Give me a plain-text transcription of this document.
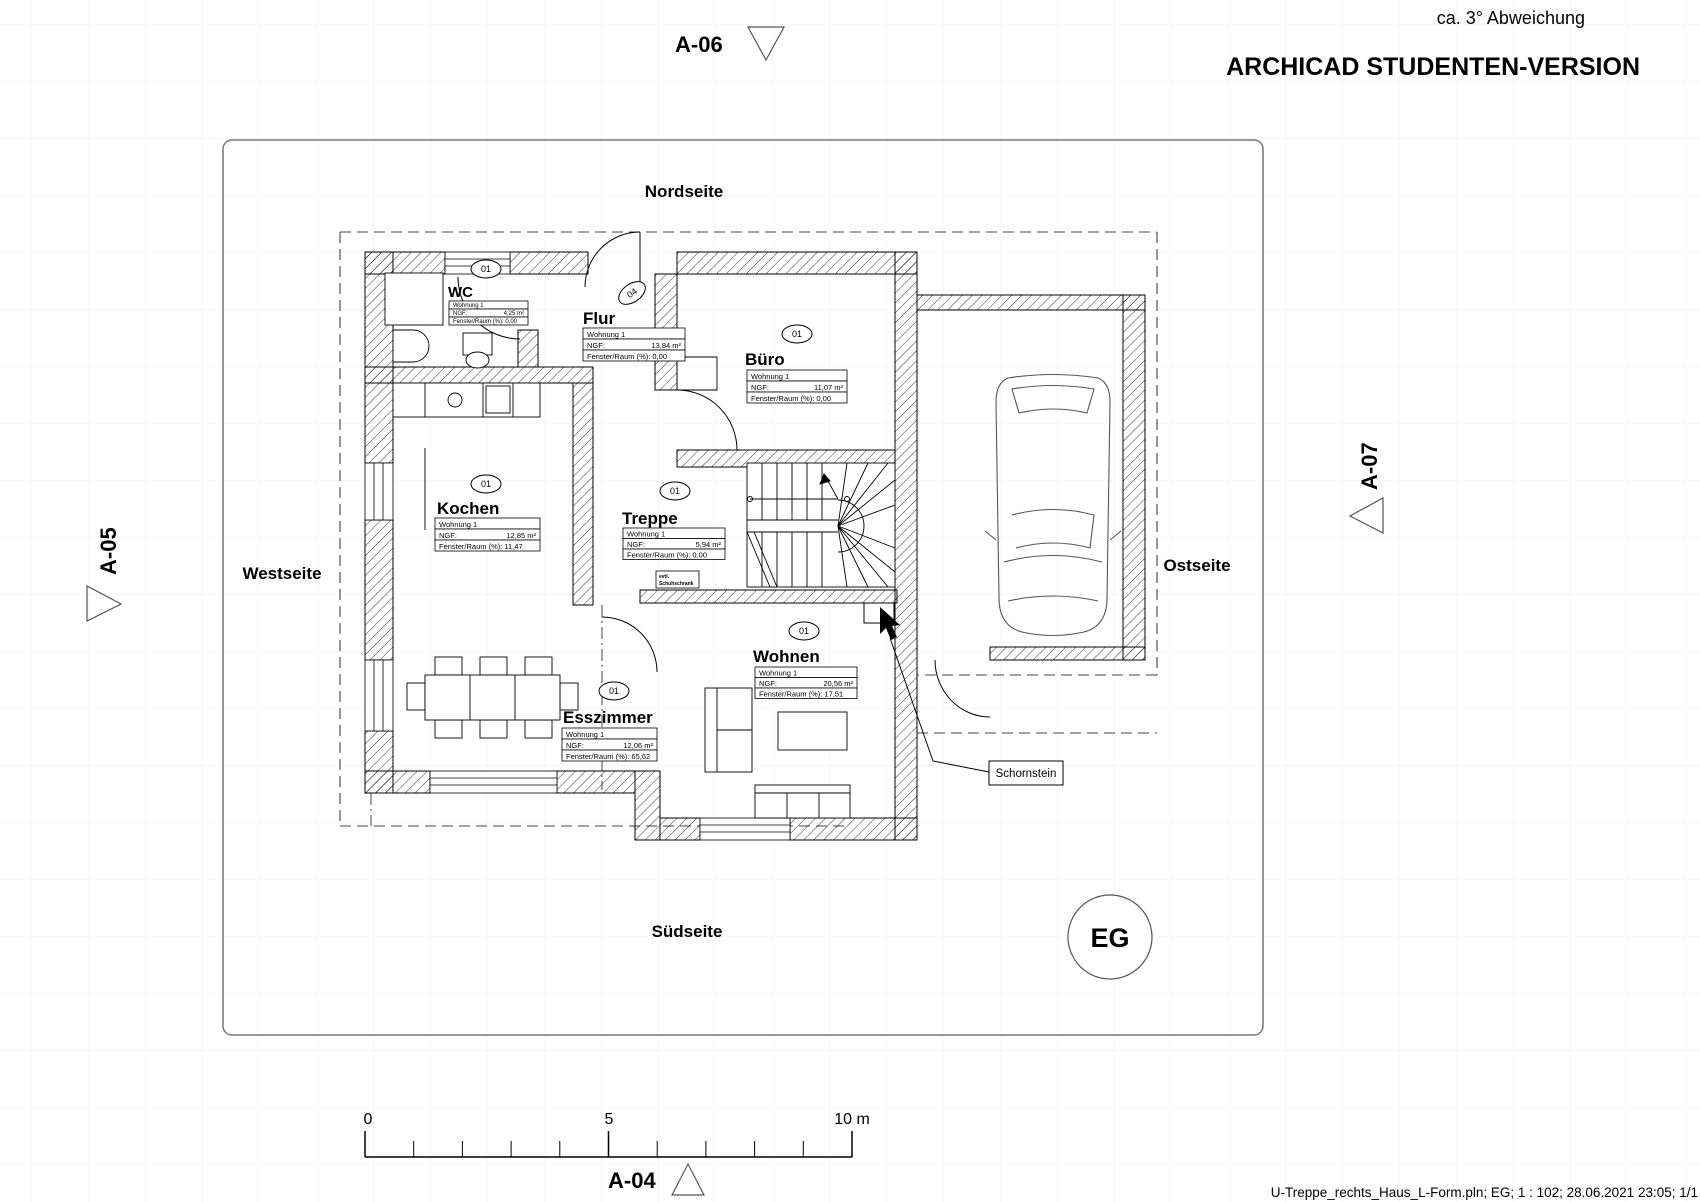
WC
Wohnung 1
NGF:	4,25 m²
Fenster/Raum (%): 0,00	Flur
Wohnung 1
NGF:	13,84 m²
Fenster/Raum (%): 0,00	Büro
Wohnung 1
NGF:	11,07 m²
Fenster/Raum (%): 0,00
Kochen
Wohnung 1
NGF:	12,85 m²
Fenster/Raum (%): 11,47
Treppe
Wohnung 1
NGF:	5,94 m²
Fenster/Raum (%): 0,00
Wohnen
Wohnung 1
NGF:	20,56 m²
Fenster/Raum (%): 17,51
Esszimmer
Wohnung 1
NGF:	12,06 m²
Fenster/Raum (%): 65,62
01
04
01
01
01
01
01
evtl.
Schuhschrank
Schornstein
Nordseite
Südseite
Westseite	Ostseite
EG
A-06
A-04
A-05
A-07
0	5	10 m
ca. 3° Abweichung
ARCHICAD STUDENTEN-VERSION
U-Treppe_rechts_Haus_L-Form.pln; EG; 1 : 102; 28.06.2021 23:05; 1/1
